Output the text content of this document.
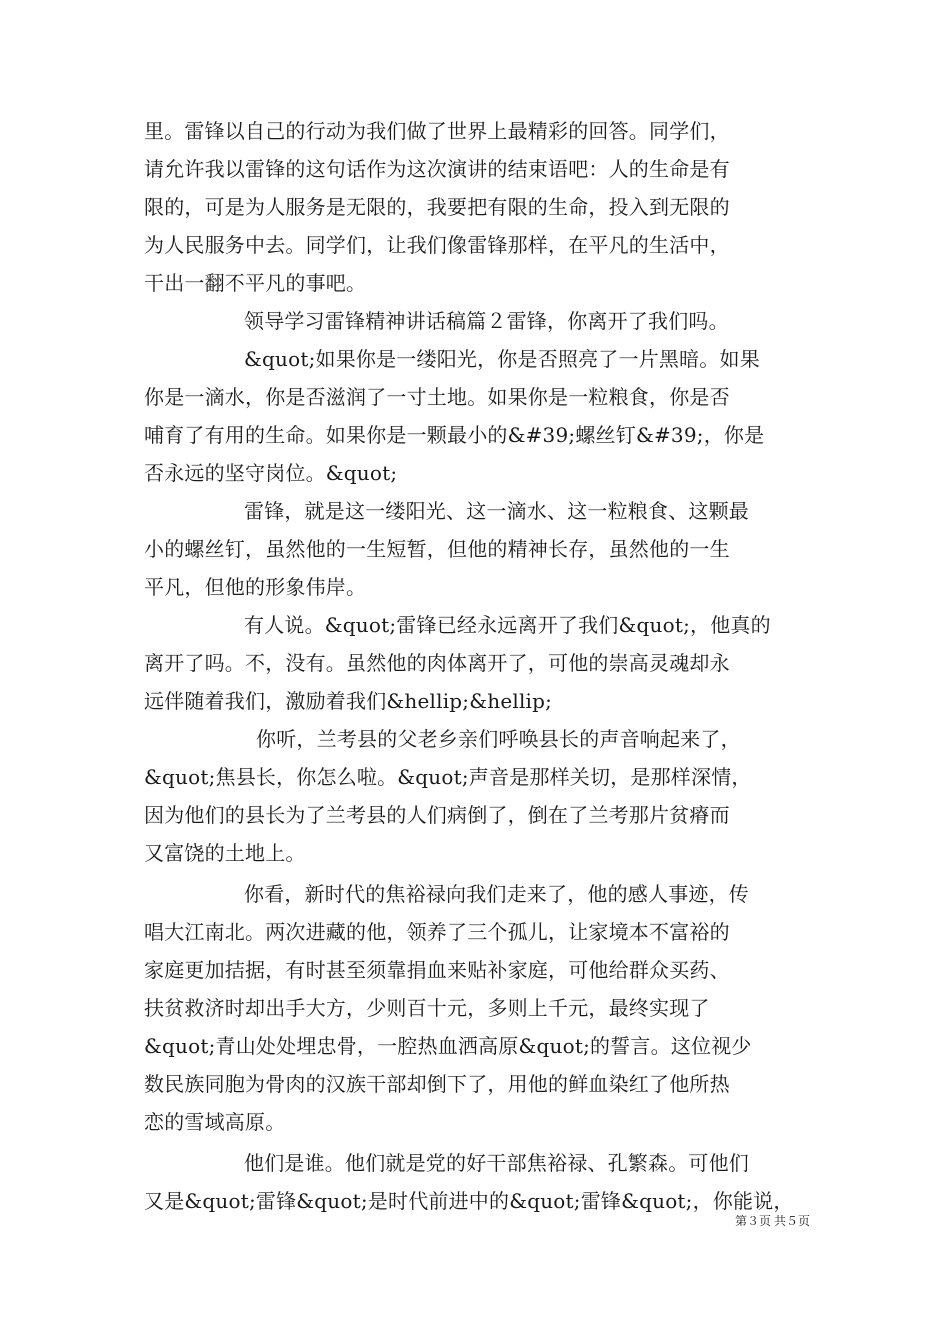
里。雷锋以自己的行动为我们做了世界上最精彩的回答。同学们，
请允许我以雷锋的这句话作为这次演讲的结束语吧：人的生命是有
限的，可是为人服务是无限的，我要把有限的生命，投入到无限的
为人民服务中去。同学们，让我们像雷锋那样，在平凡的生活中，
干出一翻不平凡的事吧。
领导学习雷锋精神讲话稿篇２雷锋，你离开了我们吗。
&quot;如果你是一缕阳光，你是否照亮了一片黑暗。如果
你是一滴水，你是否滋润了一寸土地。如果你是一粒粮食，你是否
哺育了有用的生命。如果你是一颗最小的&#39;螺丝钉&#39;，你是
否永远的坚守岗位。&quot;
雷锋，就是这一缕阳光、这一滴水、这一粒粮食、这颗最
小的螺丝钉，虽然他的一生短暂，但他的精神长存，虽然他的一生
平凡，但他的形象伟岸。
有人说。&quot;雷锋已经永远离开了我们&quot;，他真的
离开了吗。不，没有。虽然他的肉体离开了，可他的崇高灵魂却永
远伴随着我们，激励着我们&hellip;&hellip;
你听，兰考县的父老乡亲们呼唤县长的声音响起来了，
&quot;焦县长，你怎么啦。&quot;声音是那样关切，是那样深情，
因为他们的县长为了兰考县的人们病倒了，倒在了兰考那片贫瘠而
又富饶的土地上。
你看，新时代的焦裕禄向我们走来了，他的感人事迹，传
唱大江南北。两次进藏的他，领养了三个孤儿，让家境本不富裕的
家庭更加拮据，有时甚至须靠捐血来贴补家庭，可他给群众买药、
扶贫救济时却出手大方，少则百十元，多则上千元，最终实现了
&quot;青山处处埋忠骨，一腔热血洒高原&quot;的誓言。这位视少
数民族同胞为骨肉的汉族干部却倒下了，用他的鲜血染红了他所热
恋的雪域高原。
他们是谁。他们就是党的好干部焦裕禄、孔繁森。可他们
又是&quot;雷锋&quot;是时代前进中的&quot;雷锋&quot;，你能说，
第３页 共５页
